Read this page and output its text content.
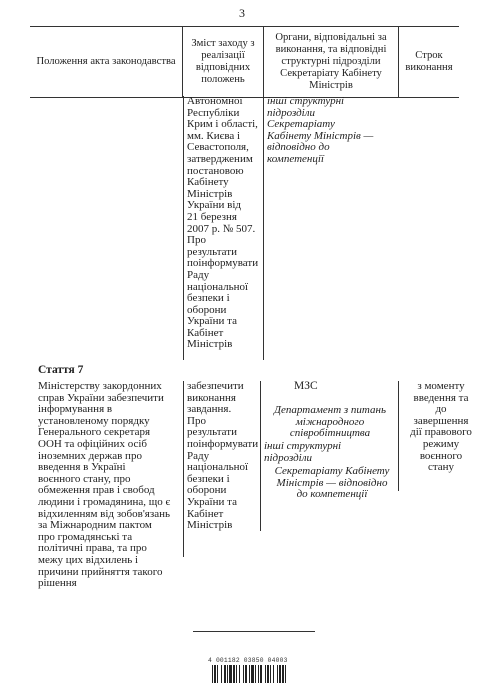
3
Положення акта законодавства
Зміст заходу з реалізації відповідних положень
Органи, відповідальні за виконання, та відповідні структурні підрозділи Секретаріату Кабінету Міністрів
Строк виконання
Автономної
Республіки
Крим і області,
мм. Києва і
Севастополя,
затвердженим
постановою
Кабінету
Міністрів
України від
21 березня
2007 р. № 507.
Про
результати
поінформувати
Раду
національної
безпеки і
оборони
України та
Кабінет
Міністрів
інші структурні
підрозділи
Секретаріату
Кабінету Міністрів —
відповідно до
компетенції
Стаття 7
Міністерству закордонних
справ України забезпечити
інформування в
установленому порядку
Генерального секретаря
ООН та офіційних осіб
іноземних держав про
введення в Україні
воєнного стану, про
обмеження прав і свобод
людини і громадянина, що є
відхиленням від зобов'язань
за Міжнародним пактом
про громадянські та
політичні права, та про
межу цих відхилень і
причини прийняття такого
рішення
забезпечити
виконання
завдання.
Про
результати
поінформувати
Раду
національної
безпеки і
оборони
України та
Кабінет
Міністрів
МЗС
Департамент з питань
міжнародного
співробітництва
інші структурні
підрозділи
Секретаріату Кабінету
Міністрів — відповідно
до компетенції
з моменту
введення та
до
завершення
дії правового
режиму
воєнного
стану
4 001182 03850 04003
